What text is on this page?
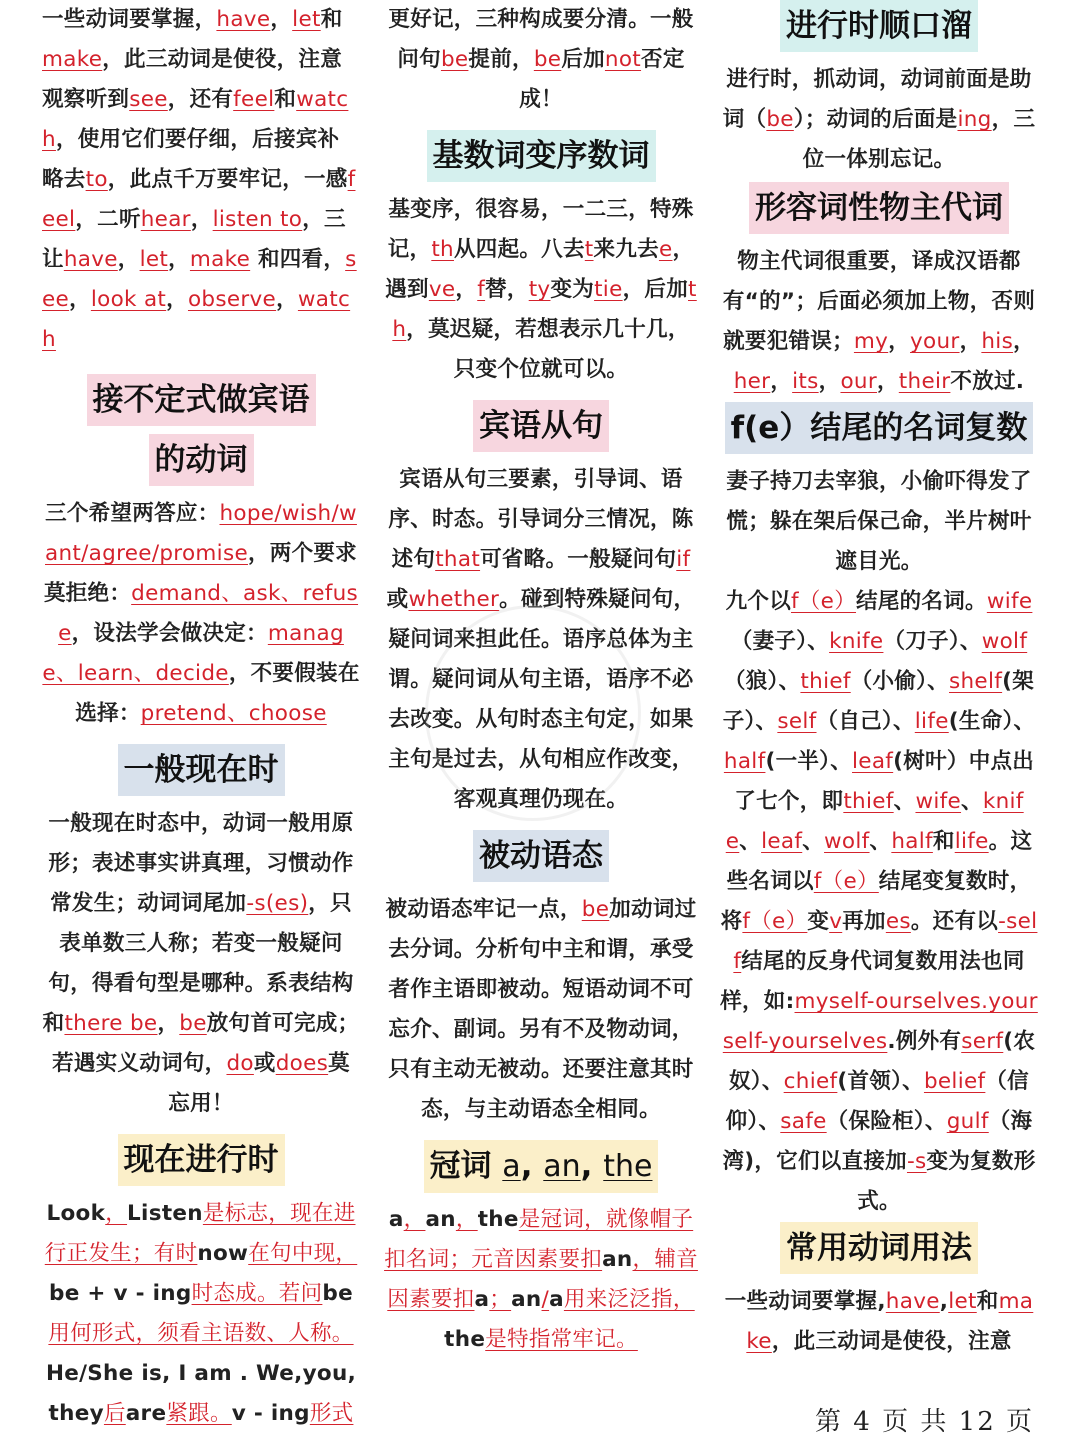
一些动词要掌握，have，let和make，此三动词是使役，注意观察听到see，还有feel和watch，使用它们要仔细，后接宾补略去to，此点千万要牢记，一感feel，二听hear，listen to，三让have，let，make 和四看，see，look at，observe，watch

接不定式做宾语
的动词

三个希望两答应：hope/wish/want/agree/promise，两个要求莫拒绝：demand、ask、refuse，设法学会做决定：manage、learn、decide，不要假装在选择：pretend、choose

一般现在时

一般现在时态中，动词一般用原形；表述事实讲真理，习惯动作常发生；动词词尾加-s(es)，只表单数三人称；若变一般疑问句，得看句型是哪种。系表结构和there be，be放句首可完成；若遇实义动词句，do或does莫忘用！

现在进行时

Look，Listen是标志，现在进行正发生；有时now在句中现，be + v - ing时态成。若问be用何形式，须看主语数、人称。He/She is, I am . We,you, they后are紧跟。v - ing形式

更好记，三种构成要分清。一般问句be提前，be后加not否定成！

基数词变序数词

基变序，很容易，一二三，特殊记，th从四起。八去t来九去e，遇到ve，f替，ty变为tie，后加th，莫迟疑，若想表示几十几，只变个位就可以。

宾语从句

宾语从句三要素，引导词、语序、时态。引导词分三情况，陈述句that可省略。一般疑问句if或whether。碰到特殊疑问句，疑问词来担此任。语序总体为主谓。疑问词从句主语，语序不必去改变。从句时态主句定，如果主句是过去，从句相应作改变，客观真理仍现在。

被动语态

被动语态牢记一点，be加动词过去分词。分析句中主和谓，承受者作主语即被动。短语动词不可忘介、副词。另有不及物动词，只有主动无被动。还要注意其时态，与主动语态全相同。

冠词 a, an, the

a，an，the是冠词，就像帽子扣名词；元音因素要扣an，辅音因素要扣a；an/a用来泛泛指，the是特指常牢记。

进行时顺口溜

进行时，抓动词，动词前面是助词（be）；动词的后面是ing，三位一体别忘记。

形容词性物主代词

物主代词很重要，译成汉语都有“的”；后面必须加上物，否则就要犯错误；my，your，his，her，its，our，their不放过.

f(e）结尾的名词复数

妻子持刀去宰狼，小偷吓得发了慌；躲在架后保己命，半片树叶遮目光。

九个以f（e）结尾的名词。wife（妻子）、knife（刀子）、wolf（狼）、thief（小偷）、shelf(架子）、self（自己）、life(生命）、half(一半）、leaf(树叶）中点出了七个，即thief、wife、knife、leaf、wolf、half和life。这些名词以f（e）结尾变复数时，将f（e）变v再加es。还有以-self结尾的反身代词复数用法也同样，如:myself-ourselves.yourself-yourselves.例外有serf(农奴）、chief(首领）、belief（信仰）、safe（保险柜）、gulf（海湾)，它们以直接加-s变为复数形式。

常用动词用法

一些动词要掌握,have,let和make，此三动词是使役，注意

第 4 页 共 12 页
